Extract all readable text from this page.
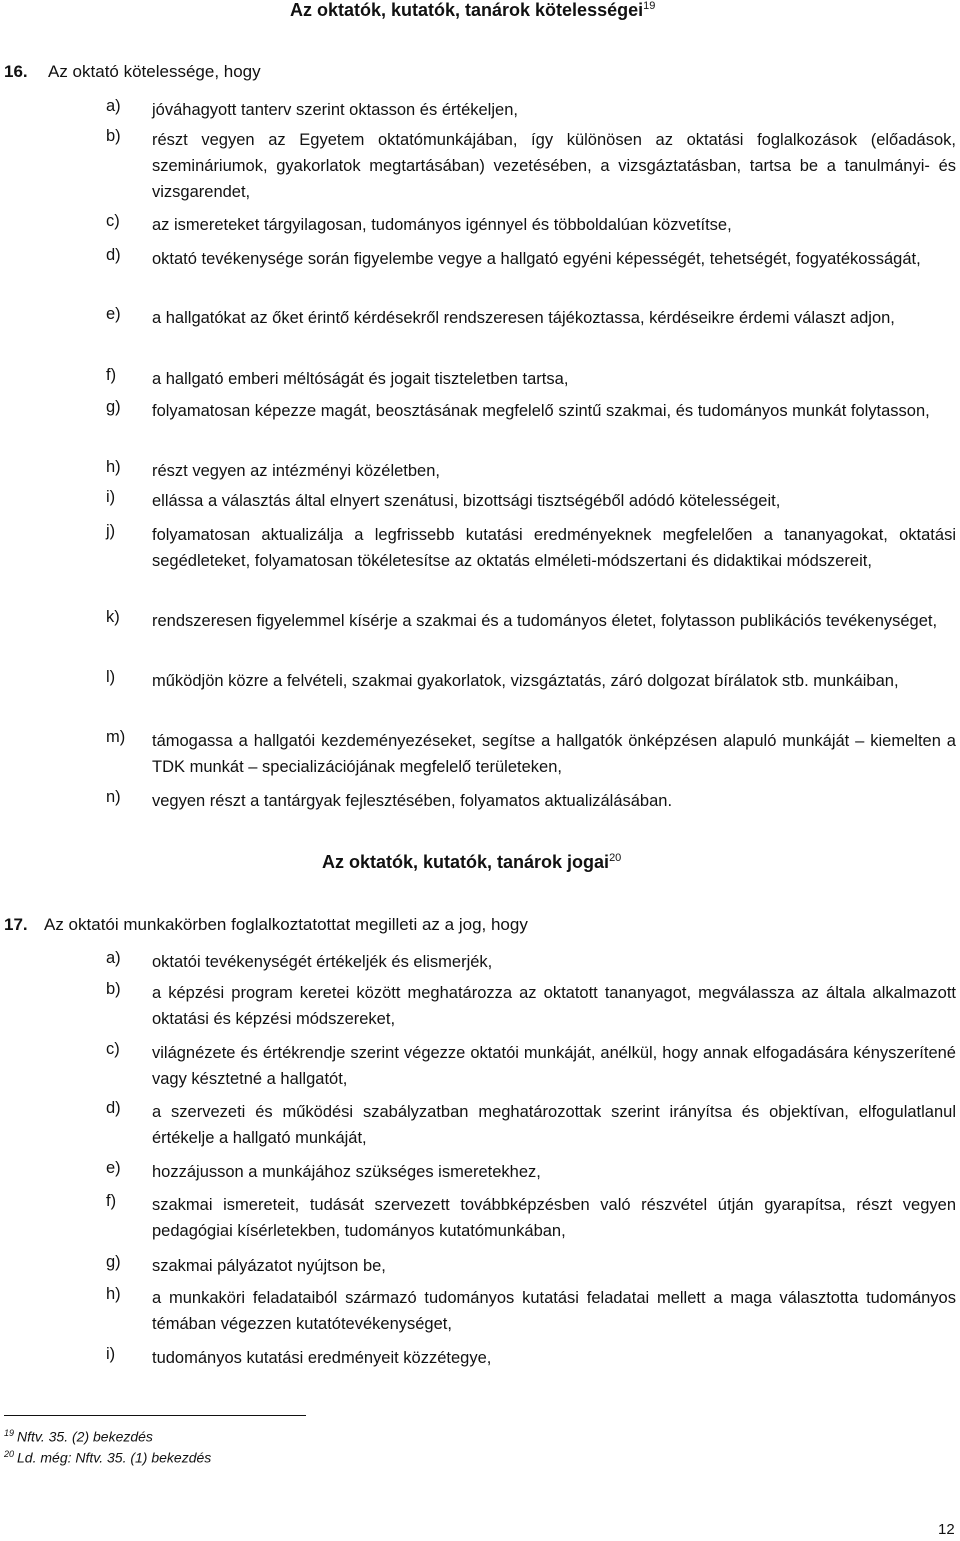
Az oktatók, kutatók, tanárok kötelességei$^{19}$
16. Az oktató kötelessége, hogy
a) jóváhagyott tanterv szerint oktasson és értékeljen,
b) részt vegyen az Egyetem oktatómunkájában, így különösen az oktatási foglalkozások (előadások, szemináriumok, gyakorlatok megtartásában) vezetésében, a vizsgáztatásban, tartsa be a tanulmányi- és vizsgarendet,
c) az ismereteket tárgyilagosan, tudományos igénnyel és többoldalúan közvetítse,
d) oktató tevékenysége során figyelembe vegye a hallgató egyéni képességét, tehetségét, fogyatékosságát,
e) a hallgatókat az őket érintő kérdésekről rendszeresen tájékoztassa, kérdéseikre érdemi választ adjon,
f) a hallgató emberi méltóságát és jogait tiszteletben tartsa,
g) folyamatosan képezze magát, beosztásának megfelelő szintű szakmai, és tudományos munkát folytasson,
h) részt vegyen az intézményi közéletben,
i) ellássa a választás által elnyert szenátusi, bizottsági tisztségéből adódó kötelességeit,
j) folyamatosan aktualizálja a legfrissebb kutatási eredményeknek megfelelően a tananyagokat, oktatási segédleteket, folyamatosan tökéletesítse az oktatás elméleti-módszertani és didaktikai módszereit,
k) rendszeresen figyelemmel kísérje a szakmai és a tudományos életet, folytasson publikációs tevékenységet,
l) működjön közre a felvételi, szakmai gyakorlatok, vizsgáztatás, záró dolgozat bírálatok stb. munkáiban,
m) támogassa a hallgatói kezdeményezéseket, segítse a hallgatók önképzésen alapuló munkáját – kiemelten a TDK munkát – specializációjának megfelelő területeken,
n) vegyen részt a tantárgyak fejlesztésében, folyamatos aktualizálásában.
Az oktatók, kutatók, tanárok jogai$^{20}$
17. Az oktatói munkakörben foglalkoztatottat megilleti az a jog, hogy
a) oktatói tevékenységét értékeljék és elismerjék,
b) a képzési program keretei között meghatározza az oktatott tananyagot, megválassza az általa alkalmazott oktatási és képzési módszereket,
c) világnézete és értékrendje szerint végezze oktatói munkáját, anélkül, hogy annak elfogadására kényszerítené vagy késztetné a hallgatót,
d) a szervezeti és működési szabályzatban meghatározottak szerint irányítsa és objektívan, elfogulatlanul értékelje a hallgató munkáját,
e) hozzájusson a munkájához szükséges ismeretekhez,
f) szakmai ismereteit, tudását szervezett továbbképzésben való részvétel útján gyarapítsa, részt vegyen pedagógiai kísérletekben, tudományos kutatómunkában,
g) szakmai pályázatot nyújtson be,
h) a munkaköri feladataiból származó tudományos kutatási feladatai mellett a maga választotta tudományos témában végezzen kutatótevékenységet,
i) tudományos kutatási eredményeit közzétegye,
$^{19}$ Nftv. 35. (2) bekezdés
$^{20}$ Ld. még: Nftv. 35. (1) bekezdés
12
